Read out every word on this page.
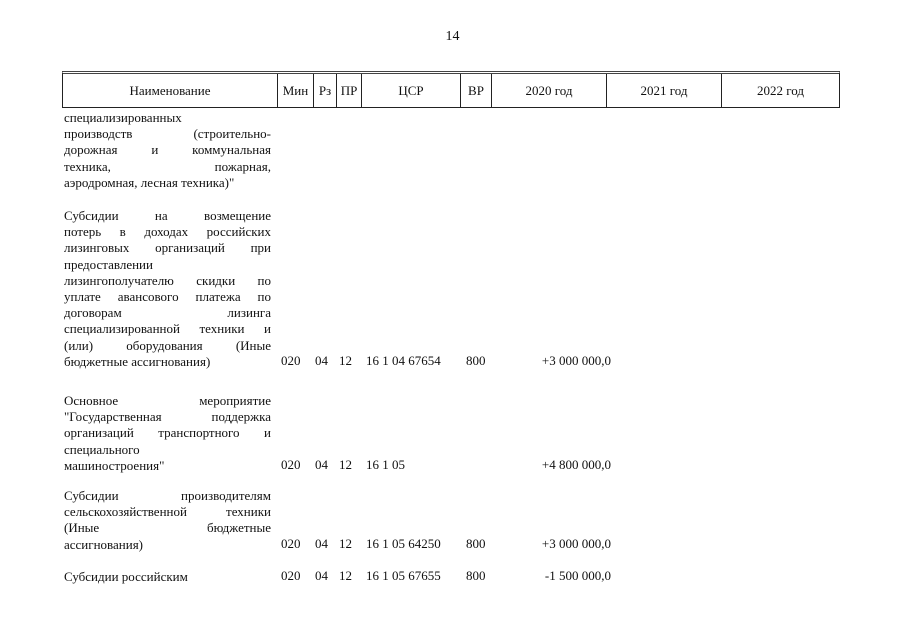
14
Наименование	Мин Рз ПР	ЦСР	ВР	2020 год	2021 год	2022 год
специализированных
производств (строительно-
дорожная и коммунальная
техника, пожарная,
аэродромная, лесная техника)"
Субсидии на возмещение
потерь в доходах российских
лизинговых организаций при
предоставлении
лизингополучателю скидки по
уплате авансового платежа по
договорам лизинга
специализированной техники и
(или) оборудования (Иные
бюджетные ассигнования)	020 04 12 16 1 04 67654 800	+3 000 000,0
Основное мероприятие
"Государственная поддержка
организаций транспортного и
специального
машиностроения"	020 04 12 16 1 05	+4 800 000,0
Субсидии производителям
сельскохозяйственной техники
(Иные бюджетные
ассигнования)	020 04 12 16 1 05 64250 800	+3 000 000,0
Субсидии российским	020 04 12 16 1 05 67655 800	-1 500 000,0
